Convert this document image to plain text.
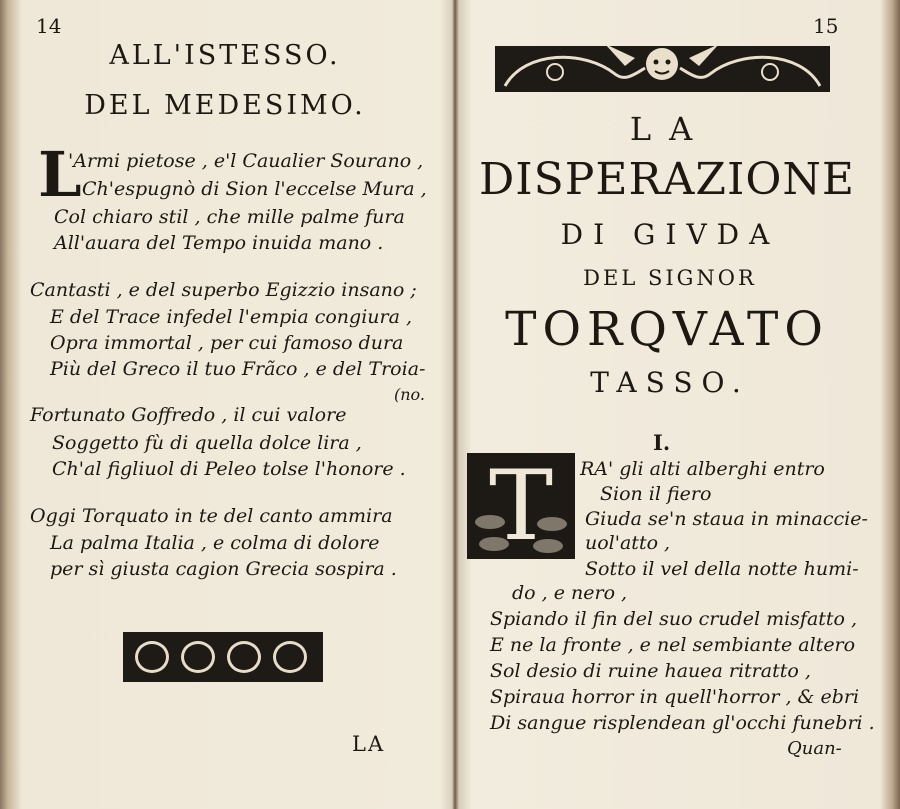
14
ALL'ISTESSO.
DEL MEDESIMO.
L
'Armi pietose , e'l Caualier Sourano ,
Ch'espugnò di Sion l'eccelse Mura ,
Col chiaro stil , che mille palme fura
All'auara del Tempo inuida mano .
Cantasti , e del superbo Egizzio insano ;
E del Trace infedel l'empia congiura ,
Opra immortal , per cui famoso dura
Più del Greco il tuo Frãco , e del Troia-
(no.
Fortunato Goffredo , il cui valore
Soggetto fù di quella dolce lira ,
Ch'al figliuol di Peleo tolse l'honore .
Oggi Torquato in te del canto ammira
La palma Italia , e colma di dolore
per sì giusta cagion Grecia sospira .
LA
15
LA
DISPERAZIONE
DI GIVDA
DEL SIGNOR
TORQVATO
TASSO.
I.
T	RA' gli alti alberghi entro
Sion il fiero
Giuda se'n staua in minaccie-
uol'atto ,
Sotto il vel della notte humi-
do , e nero ,
Spiando il fin del suo crudel misfatto ,
E ne la fronte , e nel sembiante altero
Sol desio di ruine hauea ritratto ,
Spiraua horror in quell'horror , & ebri
Di sangue risplendean gl'occhi funebri .
Quan-
